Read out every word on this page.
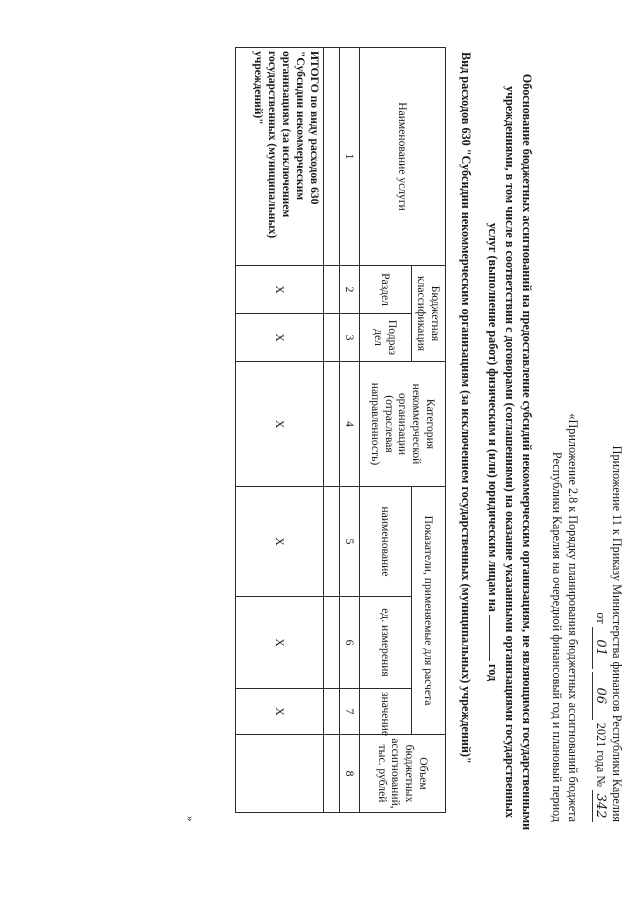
Приложение 11 к Приказу Министерства финансов Республики Карелия
от 01 06 2021 года № 342
«Приложение 2.8 к Порядку планирования бюджетных ассигнований бюджета
Республики Карелия на очередной финансовый год и плановый период
Обоснование бюджетных ассигнований на предоставление субсидий некоммерческим организациям, не являющимся государственными
учреждениями, в том числе в соответствии с договорами (соглашениями) на оказание указанными организациями государственных
услуг (выполнение работ) физическим и (или) юридическим лицам на  год
Вид расходов 630 "Субсидии некоммерческим организациям (за исключением государственных (муниципальных) учреждений)"
Наименование услуги	Бюджетная классификация		Категория некоммерческой организации (отраслевая направленность)	Показатели, применяемые для расчета			Объем бюджетных ассигнований, тыс. рублей
	Раздел	Подраз дел		наименование	ед. измерения	значение	
1	2	3	4	5	6	7	8

ИТОГО по виду расходов 630 "Субсидии некоммерческим организациям (за исключением государственных (муниципальных) учреждений)"	X	X	X	X	X	X	
»
